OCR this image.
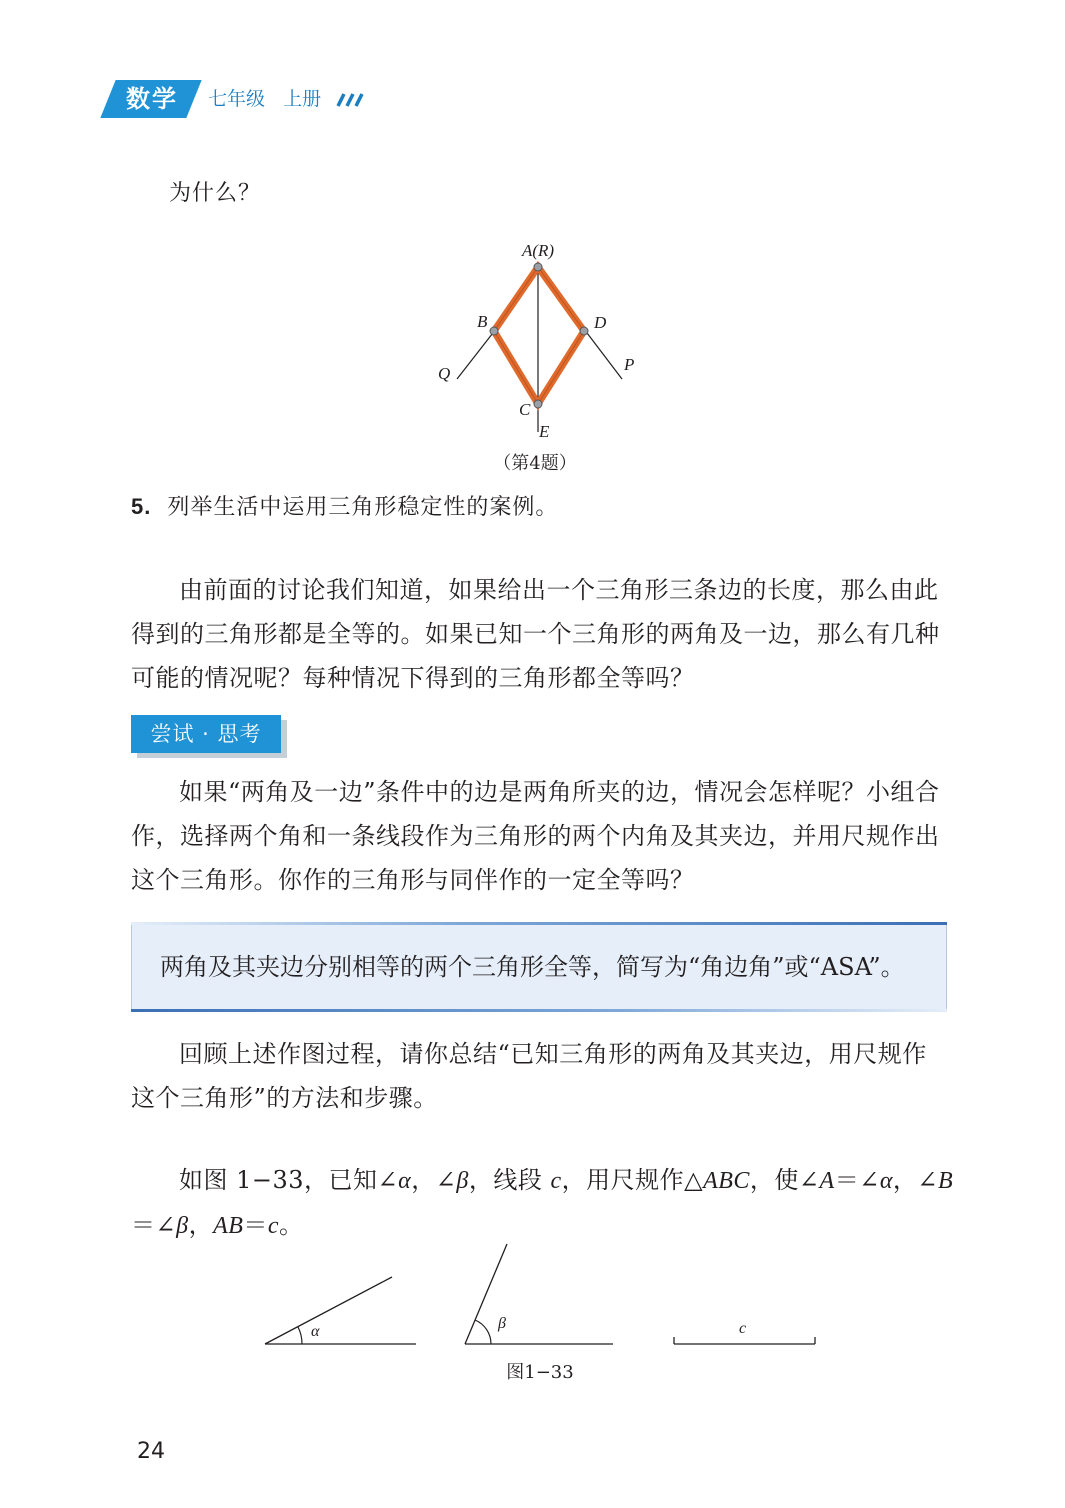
数学	七年级 上册
为什么？
A(R)
B	D
Q	P
C
E
（第4题）
5. 列举生活中运用三角形稳定性的案例。

由前面的讨论我们知道，如果给出一个三角形三条边的长度，那么由此得到的三角形都是全等的。如果已知一个三角形的两角及一边，那么有几种可能的情况呢？每种情况下得到的三角形都全等吗？

尝试 · 思考

如果“两角及一边”条件中的边是两角所夹的边，情况会怎样呢？小组合作，选择两个角和一条线段作为三角形的两个内角及其夹边，并用尺规作出这个三角形。你作的三角形与同伴作的一定全等吗？

两角及其夹边分别相等的两个三角形全等，简写为“角边角”或“ASA”。

回顾上述作图过程，请你总结“已知三角形的两角及其夹边，用尺规作这个三角形”的方法和步骤。

如图 1−33，已知∠α，∠β，线段 c，用尺规作△ABC，使∠A＝∠α，∠B

＝∠β，AB＝c。

α	β	c
图1−33
24
